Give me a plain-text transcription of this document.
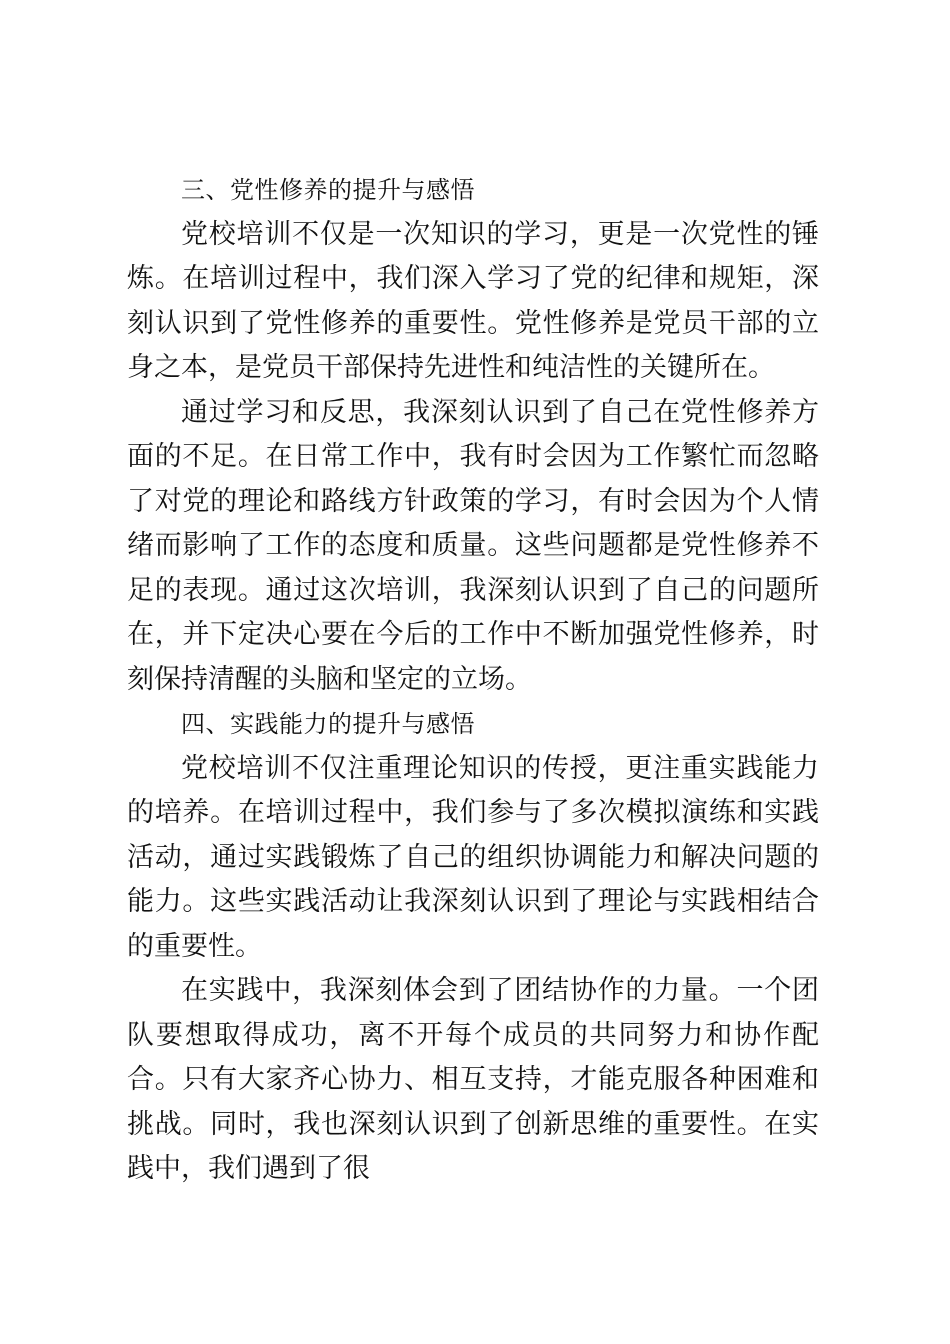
三、党性修养的提升与感悟

党校培训不仅是一次知识的学习，更是一次党性的锤炼。在培训过程中，我们深入学习了党的纪律和规矩，深刻认识到了党性修养的重要性。党性修养是党员干部的立身之本，是党员干部保持先进性和纯洁性的关键所在。

通过学习和反思，我深刻认识到了自己在党性修养方面的不足。在日常工作中，我有时会因为工作繁忙而忽略了对党的理论和路线方针政策的学习，有时会因为个人情绪而影响了工作的态度和质量。这些问题都是党性修养不足的表现。通过这次培训，我深刻认识到了自己的问题所在，并下定决心要在今后的工作中不断加强党性修养，时刻保持清醒的头脑和坚定的立场。

四、实践能力的提升与感悟

党校培训不仅注重理论知识的传授，更注重实践能力的培养。在培训过程中，我们参与了多次模拟演练和实践活动，通过实践锻炼了自己的组织协调能力和解决问题的能力。这些实践活动让我深刻认识到了理论与实践相结合的重要性。

在实践中，我深刻体会到了团结协作的力量。一个团队要想取得成功，离不开每个成员的共同努力和协作配合。只有大家齐心协力、相互支持，才能克服各种困难和挑战。同时，我也深刻认识到了创新思维的重要性。在实践中，我们遇到了很
